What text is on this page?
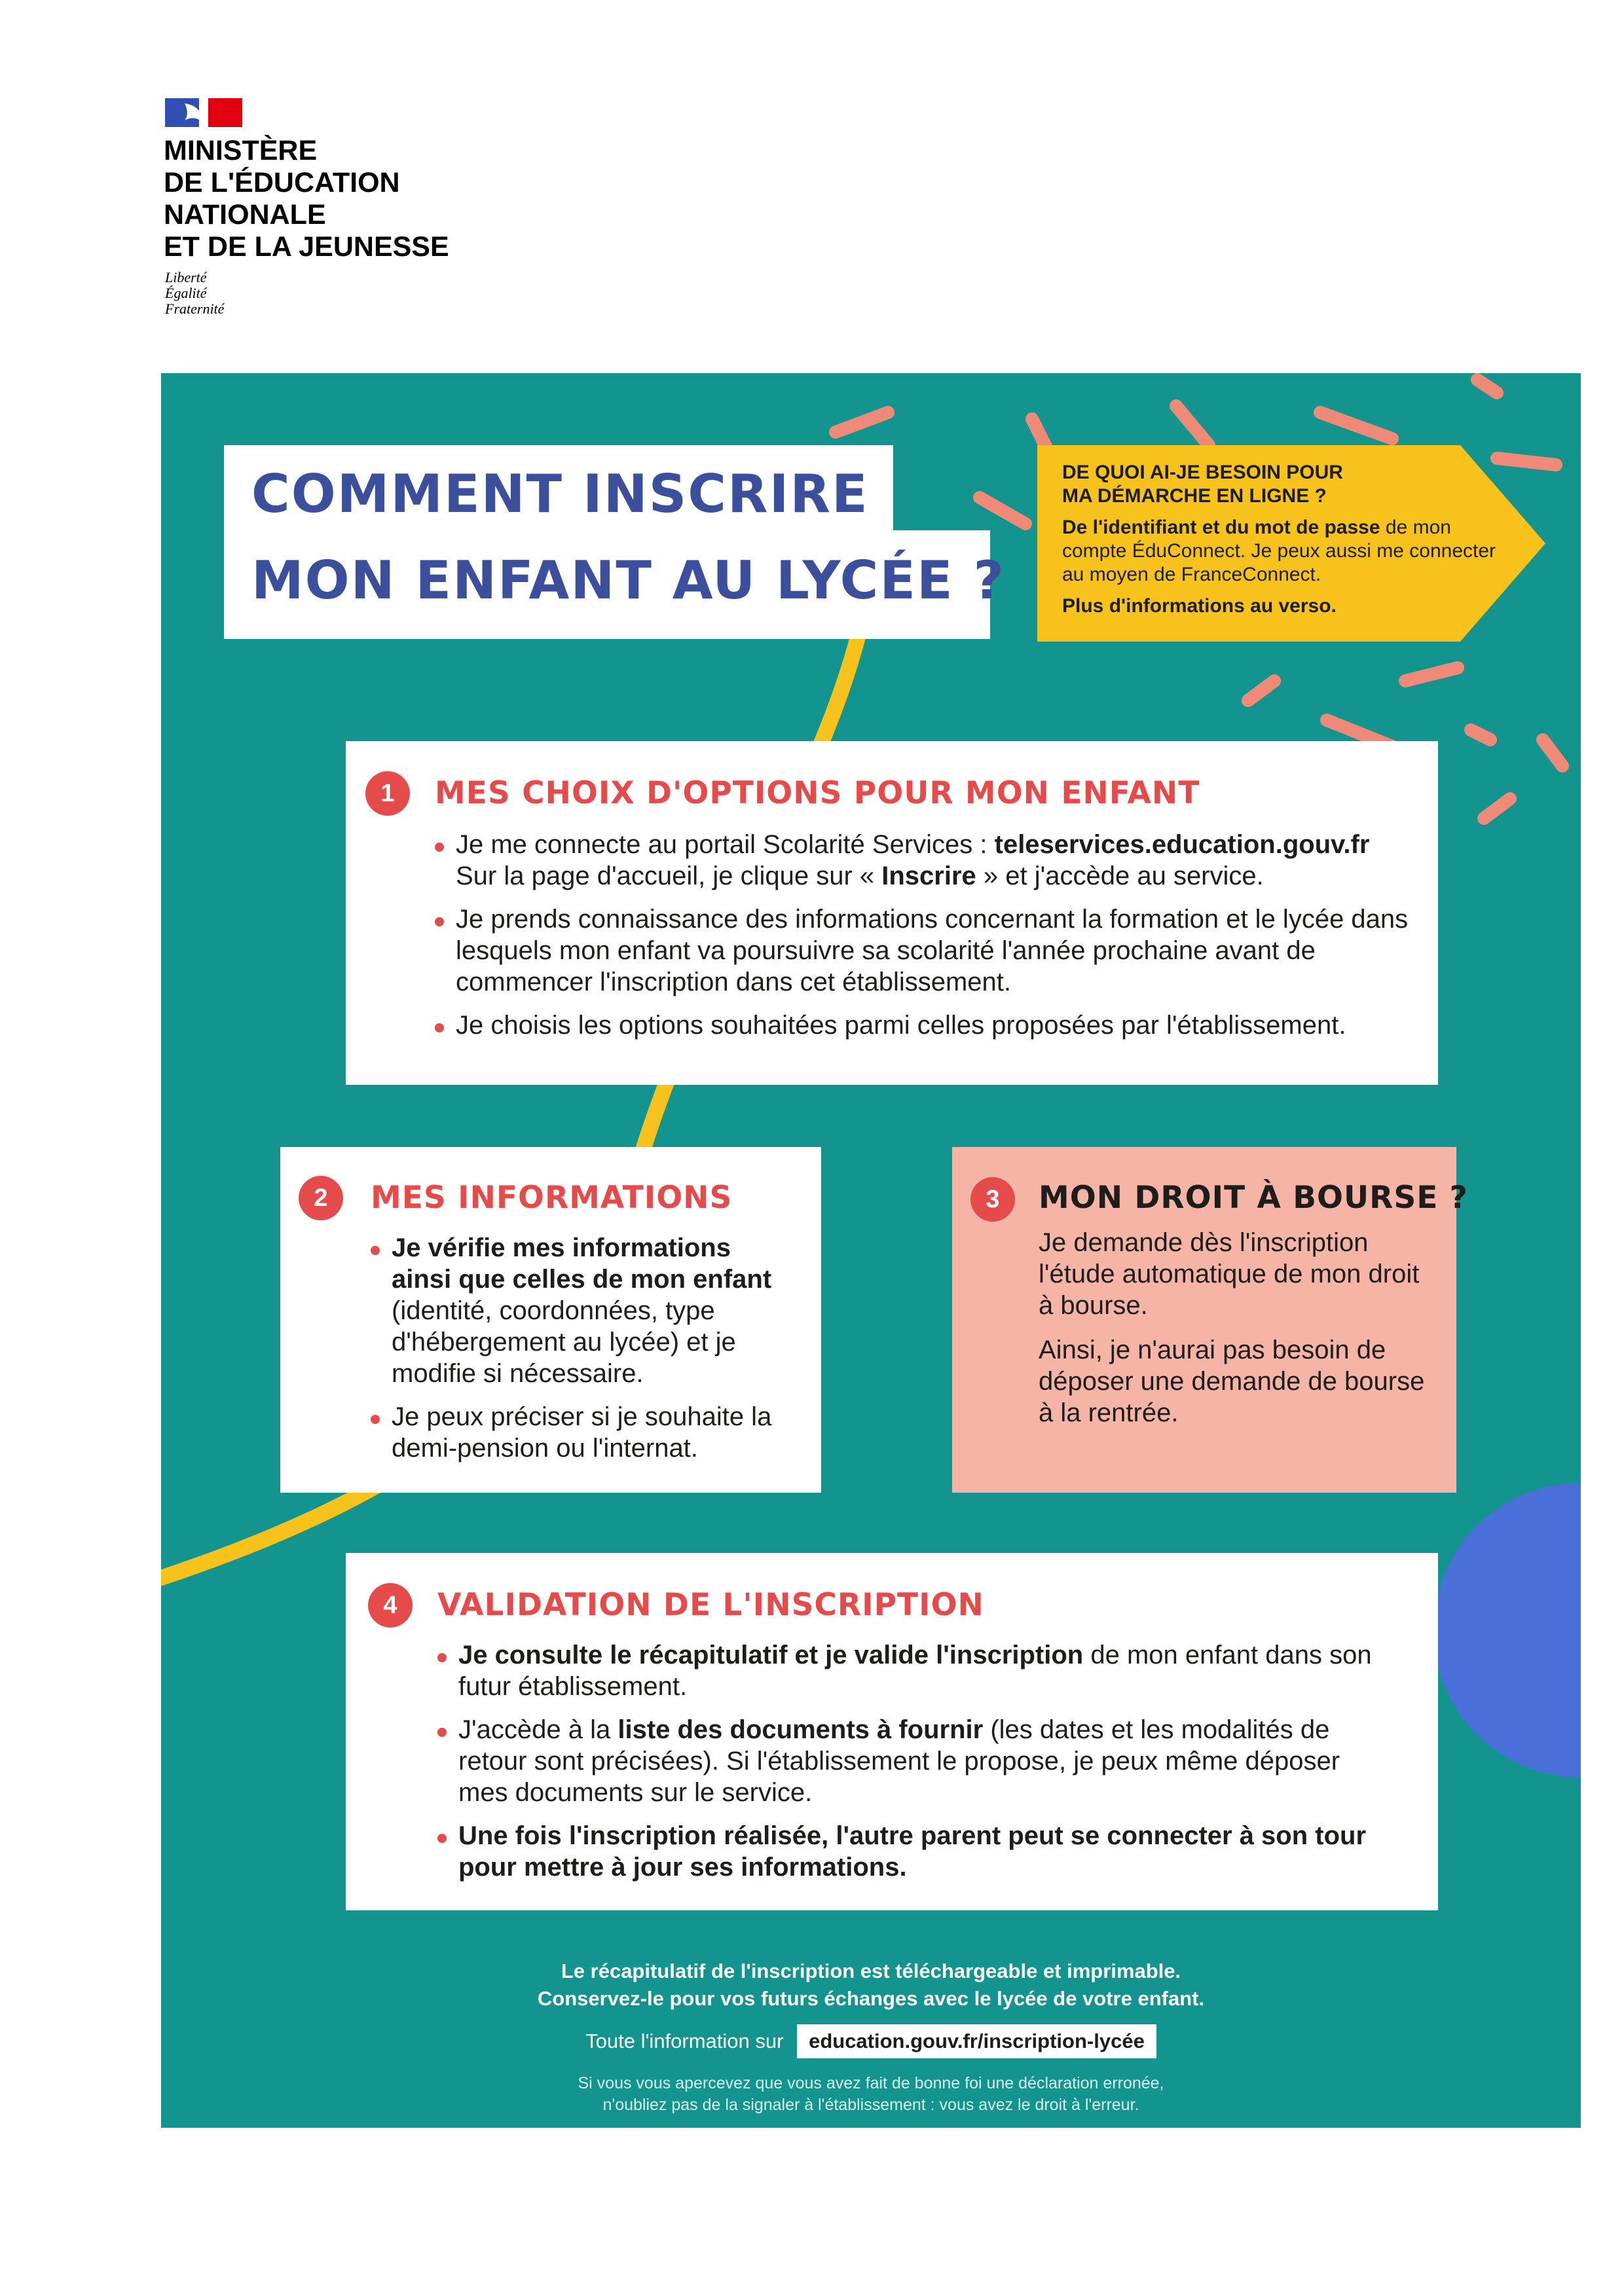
MINISTÈRE
DE L'ÉDUCATION
NATIONALE
ET DE LA JEUNESSE
Liberté
Égalité
Fraternité
COMMENT INSCRIRE
MON ENFANT AU LYCÉE ?

DE QUOI AI-JE BESOIN POUR
MA DÉMARCHE EN LIGNE ?

De l'identifiant et du mot de passe de mon compte ÉduConnect. Je peux aussi me connecter au moyen de FranceConnect.

Plus d'informations au verso.

1	MES CHOIX D'OPTIONS POUR MON ENFANT
Je me connecte au portail Scolarité Services : teleservices.education.gouv.fr
Sur la page d'accueil, je clique sur « Inscrire » et j'accède au service.
Je prends connaissance des informations concernant la formation et le lycée dans lesquels mon enfant va poursuivre sa scolarité l'année prochaine avant de commencer l'inscription dans cet établissement.
Je choisis les options souhaitées parmi celles proposées par l'établissement.
2	MES INFORMATIONS
Je vérifie mes informations ainsi que celles de mon enfant (identité, coordonnées, type d'hébergement au lycée) et je modifie si nécessaire.
Je peux préciser si je souhaite la demi-pension ou l'internat.
3	MON DROIT À BOURSE ?

Je demande dès l'inscription l'étude automatique de mon droit à bourse.

Ainsi, je n'aurai pas besoin de déposer une demande de bourse à la rentrée.

4	VALIDATION DE L'INSCRIPTION
Je consulte le récapitulatif et je valide l'inscription de mon enfant dans son futur établissement.
J'accède à la liste des documents à fournir (les dates et les modalités de retour sont précisées). Si l'établissement le propose, je peux même déposer mes documents sur le service.
Une fois l'inscription réalisée, l'autre parent peut se connecter à son tour pour mettre à jour ses informations.
Le récapitulatif de l'inscription est téléchargeable et imprimable.
Conservez-le pour vos futurs échanges avec le lycée de votre enfant.
Toute l'information sur education.gouv.fr/inscription-lycée
Si vous vous apercevez que vous avez fait de bonne foi une déclaration erronée,
n'oubliez pas de la signaler à l'établissement : vous avez le droit à l'erreur.
